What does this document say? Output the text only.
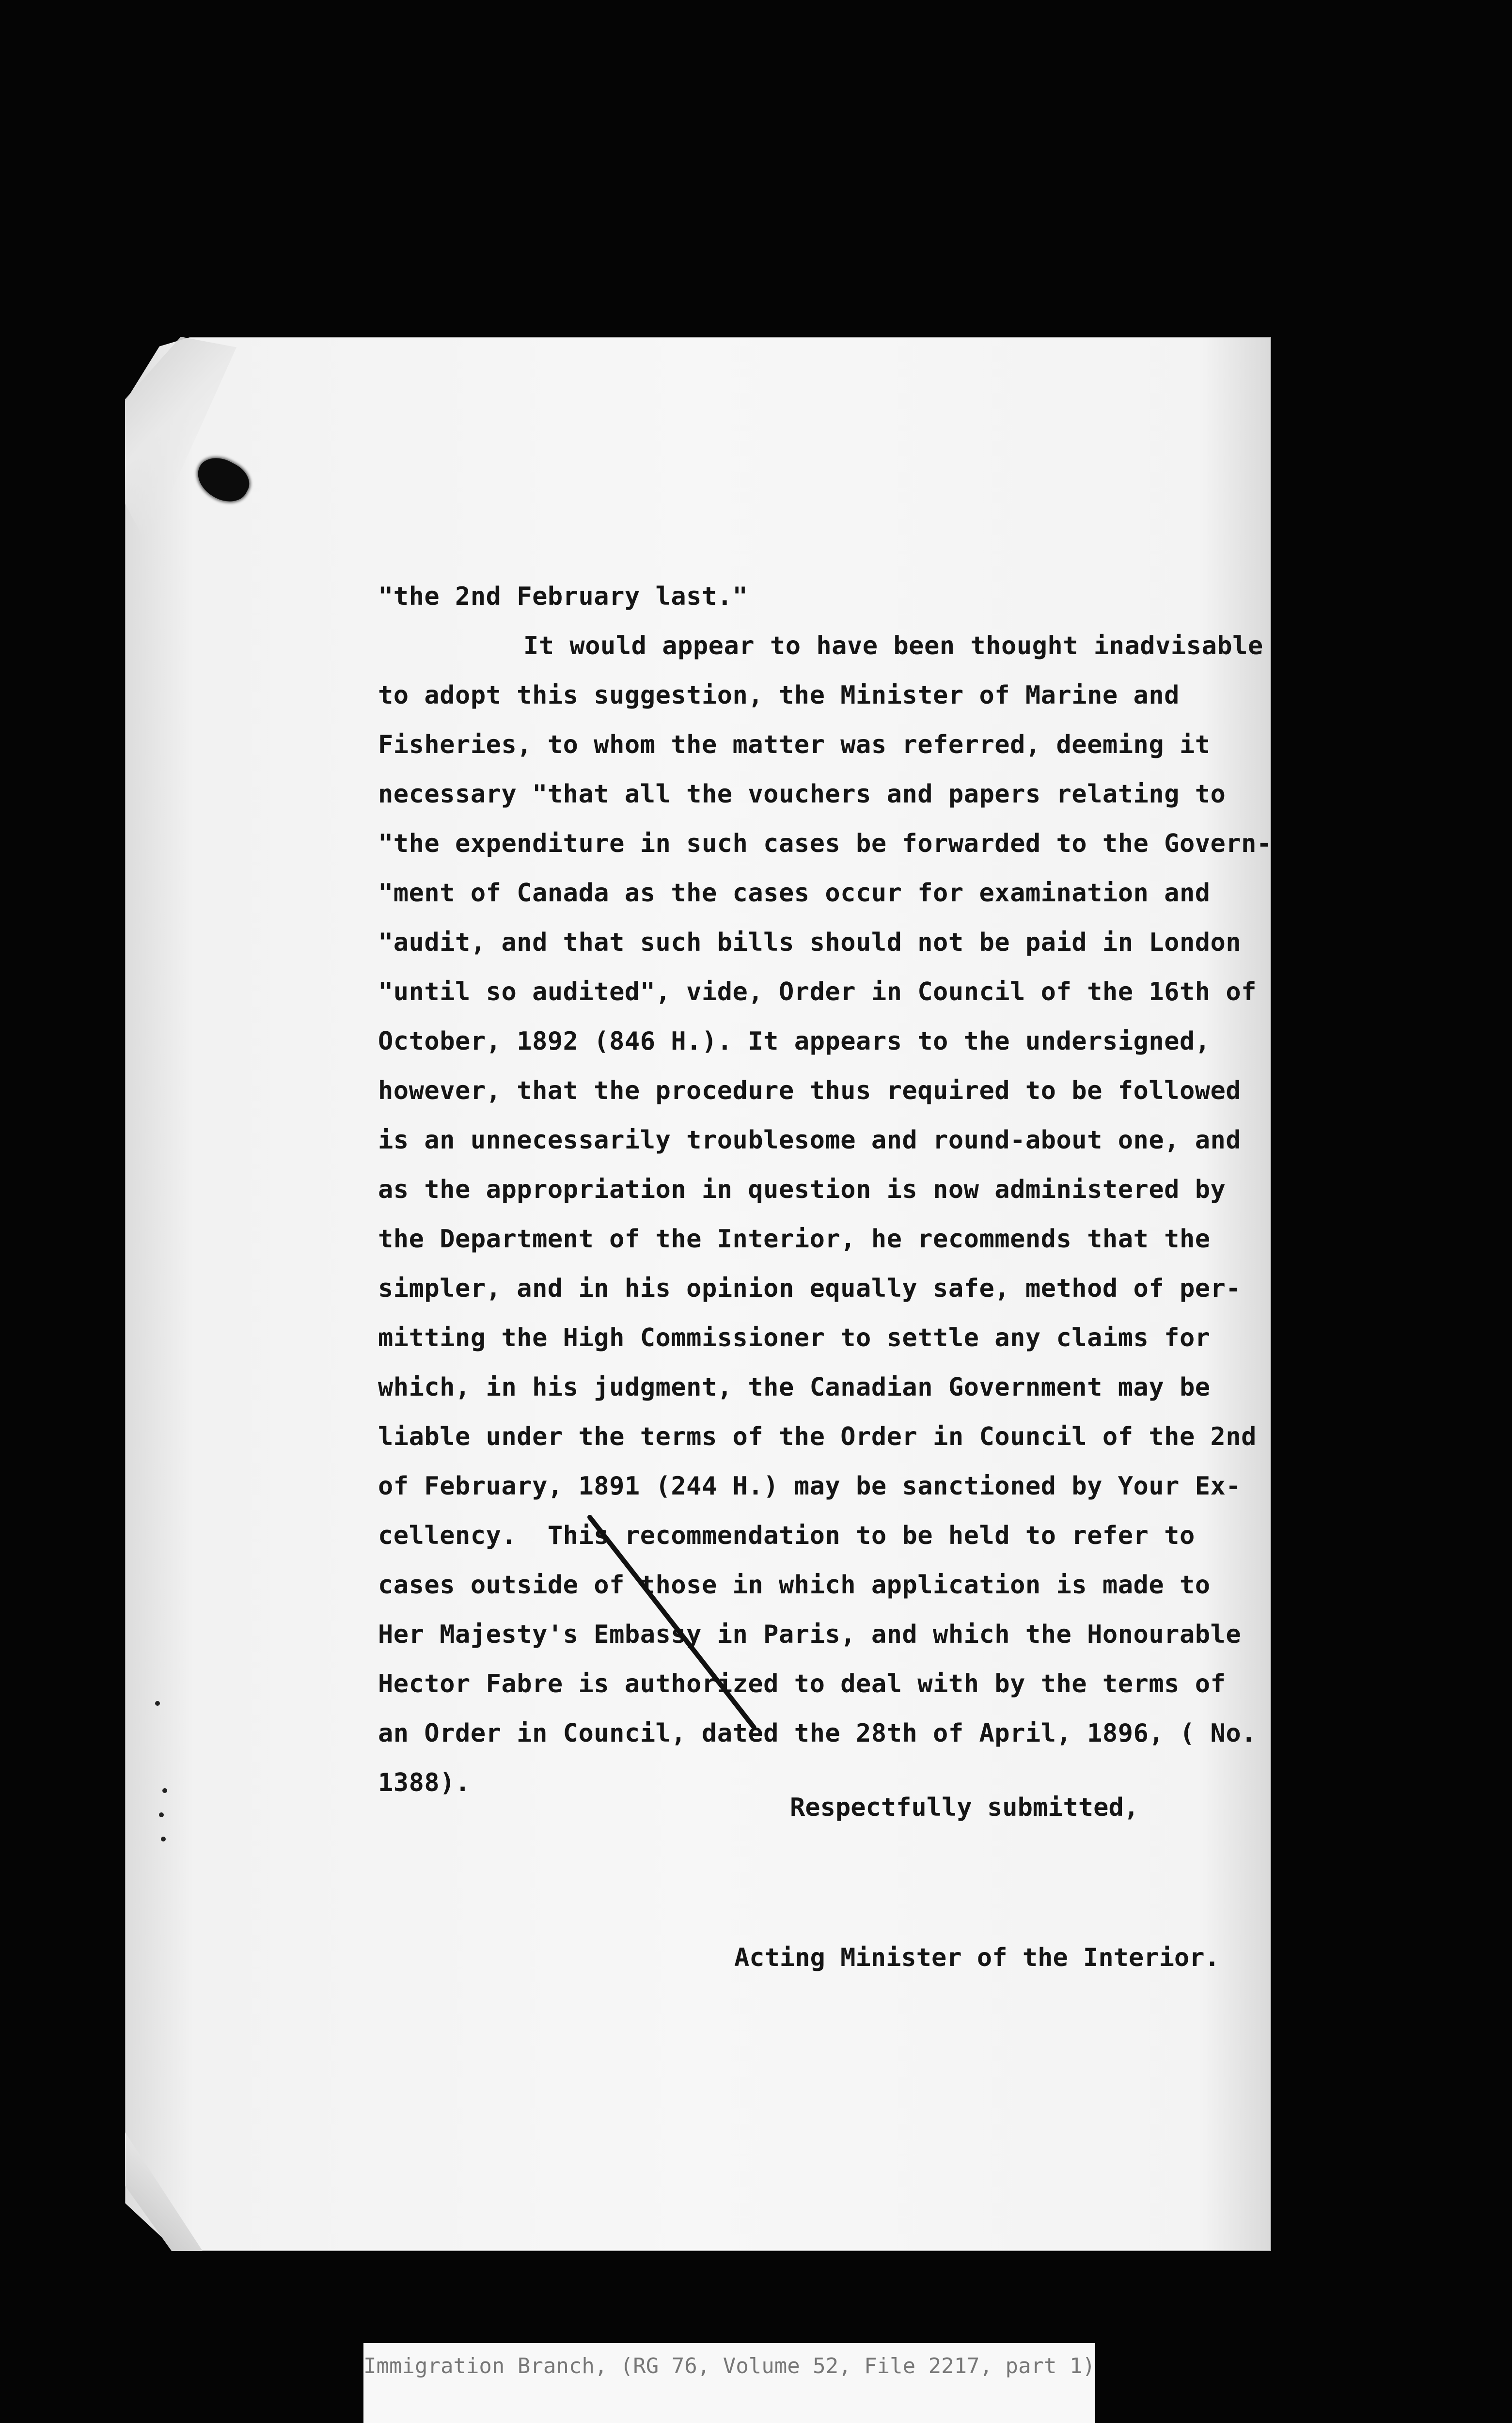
"the 2nd February last."
It would appear to have been thought inadvisable
to adopt this suggestion, the Minister of Marine and
Fisheries, to whom the matter was referred, deeming it
necessary "that all the vouchers and papers relating to
"the expenditure in such cases be forwarded to the Govern-
"ment of Canada as the cases occur for examination and
"audit, and that such bills should not be paid in London
"until so audited", vide, Order in Council of the 16th of
October, 1892 (846 H.). It appears to the undersigned,
however, that the procedure thus required to be followed
is an unnecessarily troublesome and round-about one, and
as the appropriation in question is now administered by
the Department of the Interior, he recommends that the
simpler, and in his opinion equally safe, method of per-
mitting the High Commissioner to settle any claims for
which, in his judgment, the Canadian Government may be
liable under the terms of the Order in Council of the 2nd
of February, 1891 (244 H.) may be sanctioned by Your Ex-
cellency.  This recommendation to be held to refer to
cases outside of those in which application is made to
Her Majesty's Embassy in Paris, and which the Honourable
Hector Fabre is authorized to deal with by the terms of
an Order in Council, dated the 28th of April, 1896, ( No.
1388).
Respectfully submitted,
Acting Minister of the Interior.
Immigration Branch, (RG 76, Volume 52, File 2217, part 1)
